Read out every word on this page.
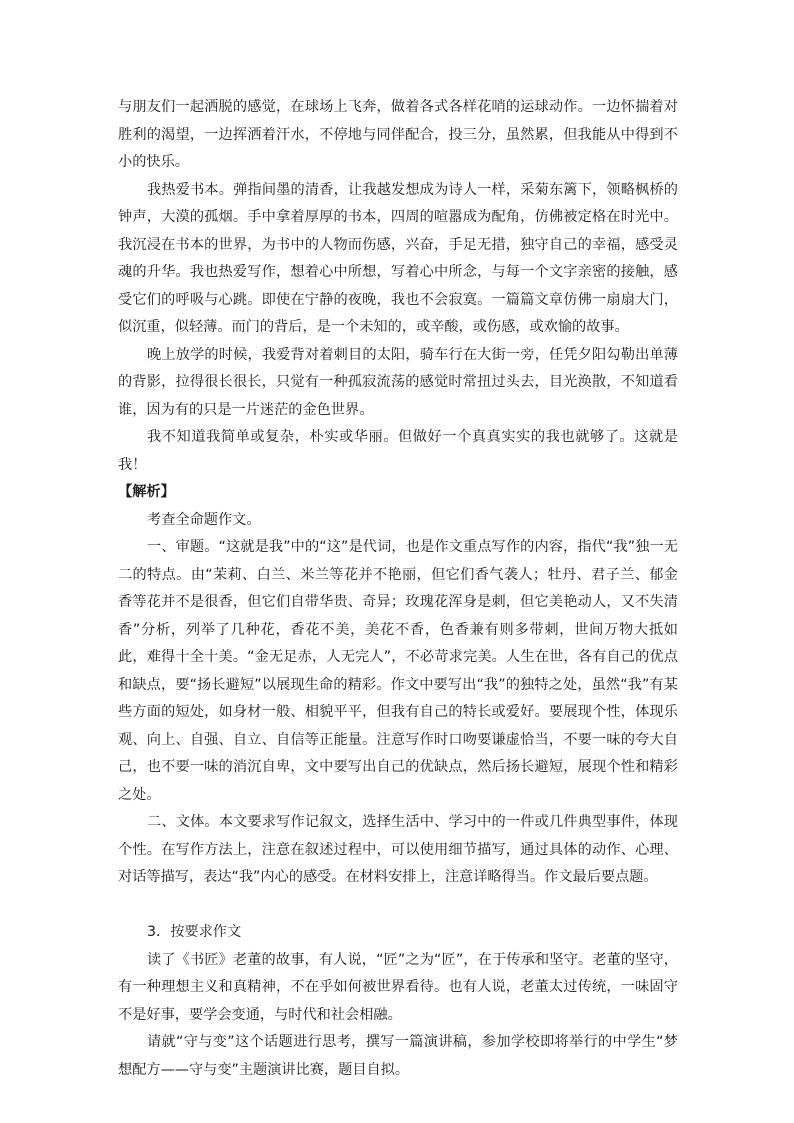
与朋友们一起洒脱的感觉，在球场上飞奔，做着各式各样花哨的运球动作。一边怀揣着对胜利的渴望，一边挥洒着汗水，不停地与同伴配合，投三分，虽然累，但我能从中得到不小的快乐。

我热爱书本。弹指间墨的清香，让我越发想成为诗人一样，采菊东篱下，领略枫桥的钟声，大漠的孤烟。手中拿着厚厚的书本，四周的喧嚣成为配角，仿佛被定格在时光中。我沉浸在书本的世界，为书中的人物而伤感，兴奋，手足无措，独守自己的幸福，感受灵魂的升华。我也热爱写作，想着心中所想，写着心中所念，与每一个文字亲密的接触，感受它们的呼吸与心跳。即使在宁静的夜晚，我也不会寂寞。一篇篇文章仿佛一扇扇大门，似沉重，似轻薄。而门的背后，是一个未知的，或辛酸，或伤感，或欢愉的故事。

晚上放学的时候，我爱背对着刺目的太阳，骑车行在大街一旁，任凭夕阳勾勒出单薄的背影，拉得很长很长，只觉有一种孤寂流荡的感觉时常扭过头去，目光涣散，不知道看谁，因为有的只是一片迷茫的金色世界。

我不知道我简单或复杂，朴实或华丽。但做好一个真真实实的我也就够了。这就是我！

【解析】

考查全命题作文。

一、审题。“这就是我”中的“这”是代词，也是作文重点写作的内容，指代“我”独一无二的特点。由“茉莉、白兰、米兰等花并不艳丽，但它们香气袭人；牡丹、君子兰、郁金香等花并不是很香，但它们自带华贵、奇异；玫瑰花浑身是刺，但它美艳动人，又不失清香”分析，列举了几种花，香花不美，美花不香，色香兼有则多带刺，世间万物大抵如此，难得十全十美。“金无足赤，人无完人”，不必苛求完美。人生在世，各有自己的优点和缺点，要“扬长避短”以展现生命的精彩。作文中要写出“我”的独特之处，虽然“我”有某些方面的短处，如身材一般、相貌平平，但我有自己的特长或爱好。要展现个性，体现乐观、向上、自强、自立、自信等正能量。注意写作时口吻要谦虚恰当，不要一味的夸大自己，也不要一味的消沉自卑，文中要写出自己的优缺点，然后扬长避短，展现个性和精彩之处。

二、文体。本文要求写作记叙文，选择生活中、学习中的一件或几件典型事件，体现个性。在写作方法上，注意在叙述过程中，可以使用细节描写，通过具体的动作、心理、对话等描写，表达“我”内心的感受。在材料安排上，注意详略得当。作文最后要点题。

3．按要求作文

读了《书匠》老董的故事，有人说，“匠”之为“匠”，在于传承和坚守。老董的坚守，有一种理想主义和真精神，不在乎如何被世界看待。也有人说，老董太过传统，一味固守不是好事，要学会变通，与时代和社会相融。

请就“守与变”这个话题进行思考，撰写一篇演讲稿，参加学校即将举行的中学生“梦想配方——守与变”主题演讲比赛，题目自拟。
